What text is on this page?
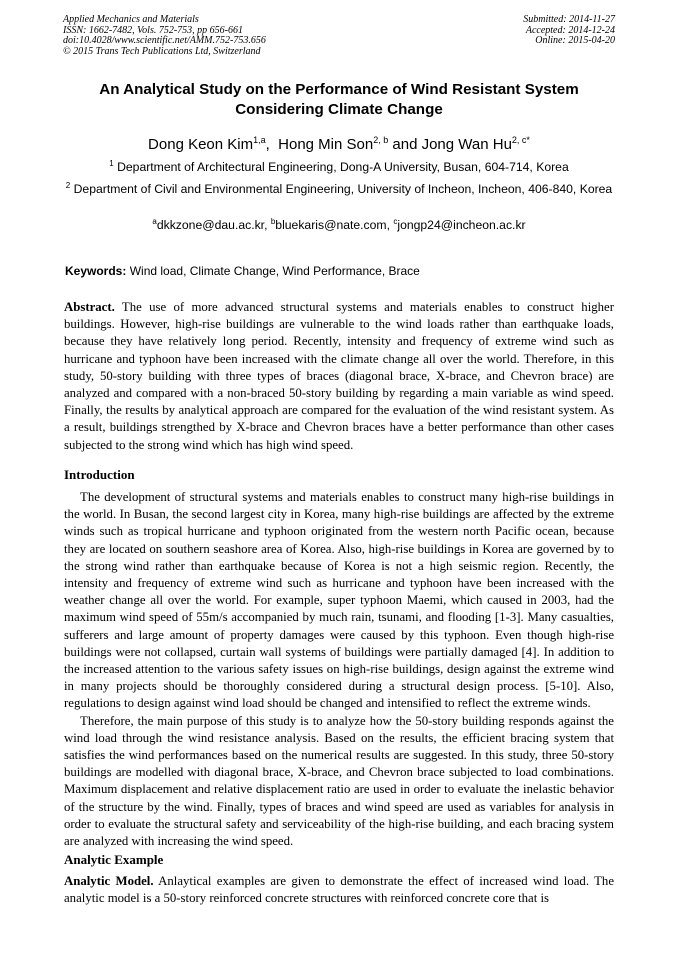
Applied Mechanics and Materials
ISSN: 1662-7482, Vols. 752-753, pp 656-661
doi:10.4028/www.scientific.net/AMM.752-753.656
© 2015 Trans Tech Publications Ltd, Switzerland
Submitted: 2014-11-27
Accepted: 2014-12-24
Online: 2015-04-20
An Analytical Study on the Performance of Wind Resistant System
Considering Climate Change
Dong Keon Kim$^{1,a}$,  Hong Min Son$^{2, b}$ and Jong Wan $Hu^{2, c*}$
$^1$ Department of Architectural Engineering, Dong-A University, Busan, 604-714, Korea
$^2$ Department of Civil and Environmental Engineering, University of Incheon, Incheon, 406-840, Korea
$^a$dkkzone@dau.ac.kr, $^b$bluekaris@nate.com, $^c$jongp24@incheon.ac.kr
Keywords: Wind load, Climate Change, Wind Performance, Brace

Abstract. The use of more advanced structural systems and materials enables to construct higher buildings. However, high-rise buildings are vulnerable to the wind loads rather than earthquake loads, because they have relatively long period. Recently, intensity and frequency of extreme wind such as hurricane and typhoon have been increased with the climate change all over the world. Therefore, in this study, 50-story building with three types of braces (diagonal brace, X-brace, and Chevron brace) are analyzed and compared with a non-braced 50-story building by regarding a main variable as wind speed. Finally, the results by analytical approach are compared for the evaluation of the wind resistant system. As a result, buildings strengthed by X-brace and Chevron braces have a better performance than other cases subjected to the strong wind which has high wind speed.

Introduction

The development of structural systems and materials enables to construct many high-rise buildings in the world. In Busan, the second largest city in Korea, many high-rise buildings are affected by the extreme winds such as tropical hurricane and typhoon originated from the western north Pacific ocean, because they are located on southern seashore area of Korea. Also, high-rise buildings in Korea are governed by to the strong wind rather than earthquake because of Korea is not a high seismic region. Recently, the intensity and frequency of extreme wind such as hurricane and typhoon have been increased with the weather change all over the world. For example, super typhoon Maemi, which caused in 2003, had the maximum wind speed of 55m/s accompanied by much rain, tsunami, and flooding [1-3]. Many casualties, sufferers and large amount of property damages were caused by this typhoon. Even though high-rise buildings were not collapsed, curtain wall systems of buildings were partially damaged [4]. In addition to the increased attention to the various safety issues on high-rise buildings, design against the extreme wind in many projects should be thoroughly considered during a structural design process. [5-10]. Also, regulations to design against wind load should be changed and intensified to reflect the extreme winds.

Therefore, the main purpose of this study is to analyze how the 50-story building responds against the wind load through the wind resistance analysis. Based on the results, the efficient bracing system that satisfies the wind performances based on the numerical results are suggested. In this study, three 50-story buildings are modelled with diagonal brace, X-brace, and Chevron brace subjected to load combinations. Maximum displacement and relative displacement ratio are used in order to evaluate the inelastic behavior of the structure by the wind. Finally, types of braces and wind speed are used as variables for analysis in order to evaluate the structural safety and serviceability of the high-rise building, and each bracing system are analyzed with increasing the wind speed.

Analytic Example

Analytic Model. Anlaytical examples are given to demonstrate the effect of increased wind load. The analytic model is a 50-story reinforced concrete structures with reinforced concrete core that is
